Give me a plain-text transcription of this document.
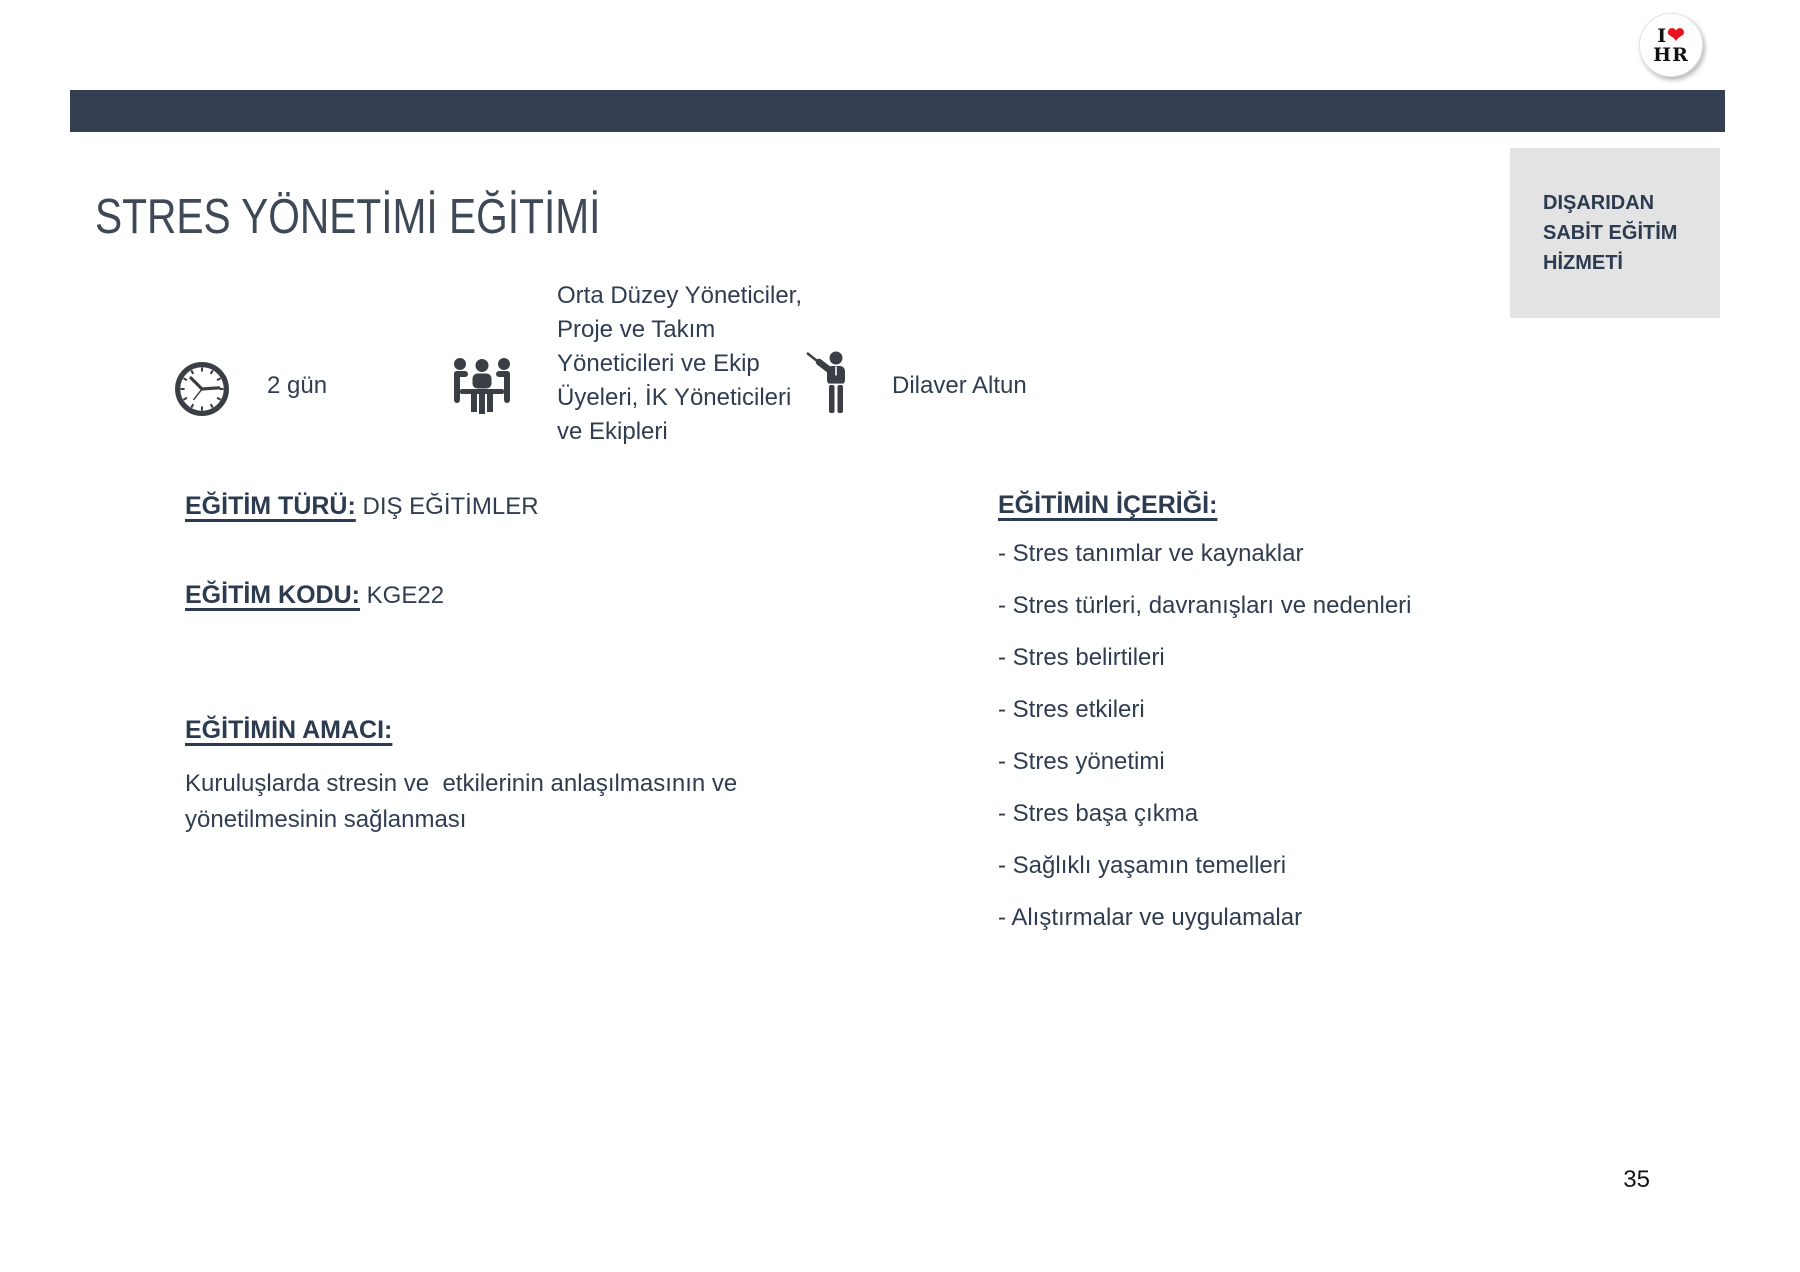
I❤
HR
STRES YÖNETİMİ EĞİTİMİ	DIŞARIDAN SABİT EĞİTİM HİZMETİ
2 gün
Orta Düzey Yöneticiler, Proje ve Takım Yöneticileri ve Ekip Üyeleri, İK Yöneticileri ve Ekipleri
Dilaver Altun
EĞİTİM TÜRÜ: DIŞ EĞİTİMLER
EĞİTİM KODU: KGE22
EĞİTİMİN AMACI:
Kuruluşlarda stresin ve  etkilerinin anlaşılmasının ve yönetilmesinin sağlanması
EĞİTİMİN İÇERİĞİ:
- Stres tanımlar ve kaynaklar
- Stres türleri, davranışları ve nedenleri
- Stres belirtileri
- Stres etkileri
- Stres yönetimi
- Stres başa çıkma
- Sağlıklı yaşamın temelleri
- Alıştırmalar ve uygulamalar
35
